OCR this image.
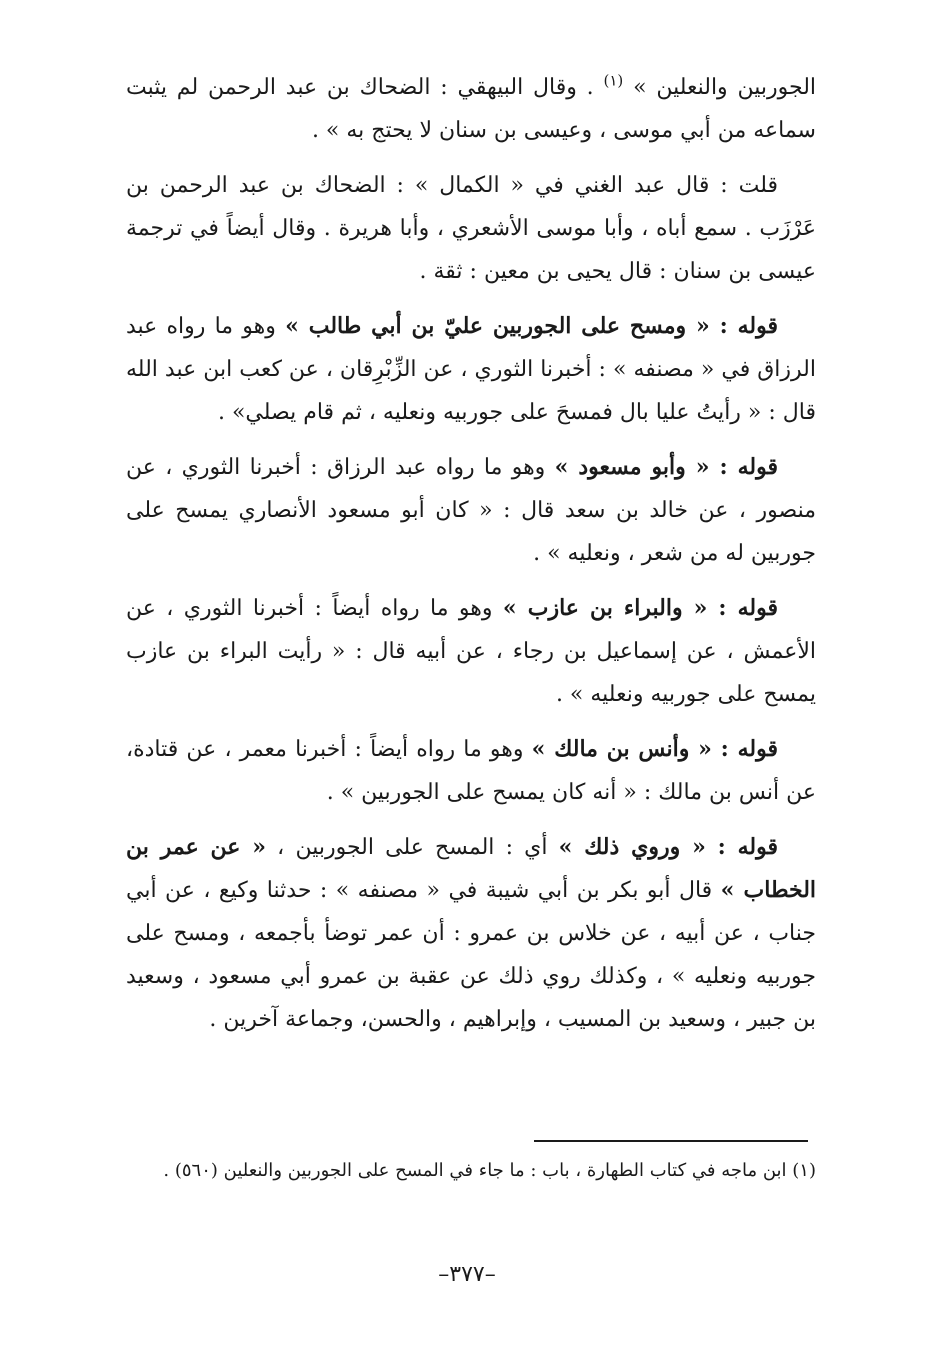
الجوربين والنعلين » $^{(١)}$ . وقال البيهقي : الضحاك بن عبد الرحمن لم يثبت سماعه من أبي موسى ، وعيسى بن سنان لا يحتج به » .

قلت : قال عبد الغني في « الكمال » : الضحاك بن عبد الرحمن بن عَرْزَب . سمع أباه ، وأبا موسى الأشعري ، وأبا هريرة . وقال أيضاً في ترجمة عيسى بن سنان : قال يحيى بن معين : ثقة .

قوله : « ومسح على الجوربين عليّ بن أبي طالب » وهو ما رواه عبد الرزاق في « مصنفه » : أخبرنا الثوري ، عن الزِّبْرِقان ، عن كعب ابن عبد الله قال : « رأيتُ عليا بال فمسحَ على جوربيه ونعليه ، ثم قام يصلي» .

قوله : « وأبو مسعود » وهو ما رواه عبد الرزاق : أخبرنا الثوري ، عن منصور ، عن خالد بن سعد قال : « كان أبو مسعود الأنصاري يمسح على جوربين له من شعر ، ونعليه » .

قوله : « والبراء بن عازب » وهو ما رواه أيضاً : أخبرنا الثوري ، عن الأعمش ، عن إسماعيل بن رجاء ، عن أبيه قال : « رأيت البراء بن عازب يمسح على جوربيه ونعليه » .

قوله : « وأنس بن مالك » وهو ما رواه أيضاً : أخبرنا معمر ، عن قتادة، عن أنس بن مالك : « أنه كان يمسح على الجوربين » .

قوله : « وروي ذلك » أي : المسح على الجوربين ، « عن عمر بن الخطاب » قال أبو بكر بن أبي شيبة في « مصنفه » : حدثنا وكيع ، عن أبي جناب ، عن أبيه ، عن خلاس بن عمرو : أن عمر توضأ بأجمعه ، ومسح على جوربيه ونعليه » ، وكذلك روي ذلك عن عقبة بن عمرو أبي مسعود ، وسعيد بن جبير ، وسعيد بن المسيب ، وإبراهيم ، والحسن، وجماعة آخرين .

(١) ابن ماجه في كتاب الطهارة ، باب : ما جاء في المسح على الجوربين والنعلين (٥٦٠) .

–٣٧٧–
